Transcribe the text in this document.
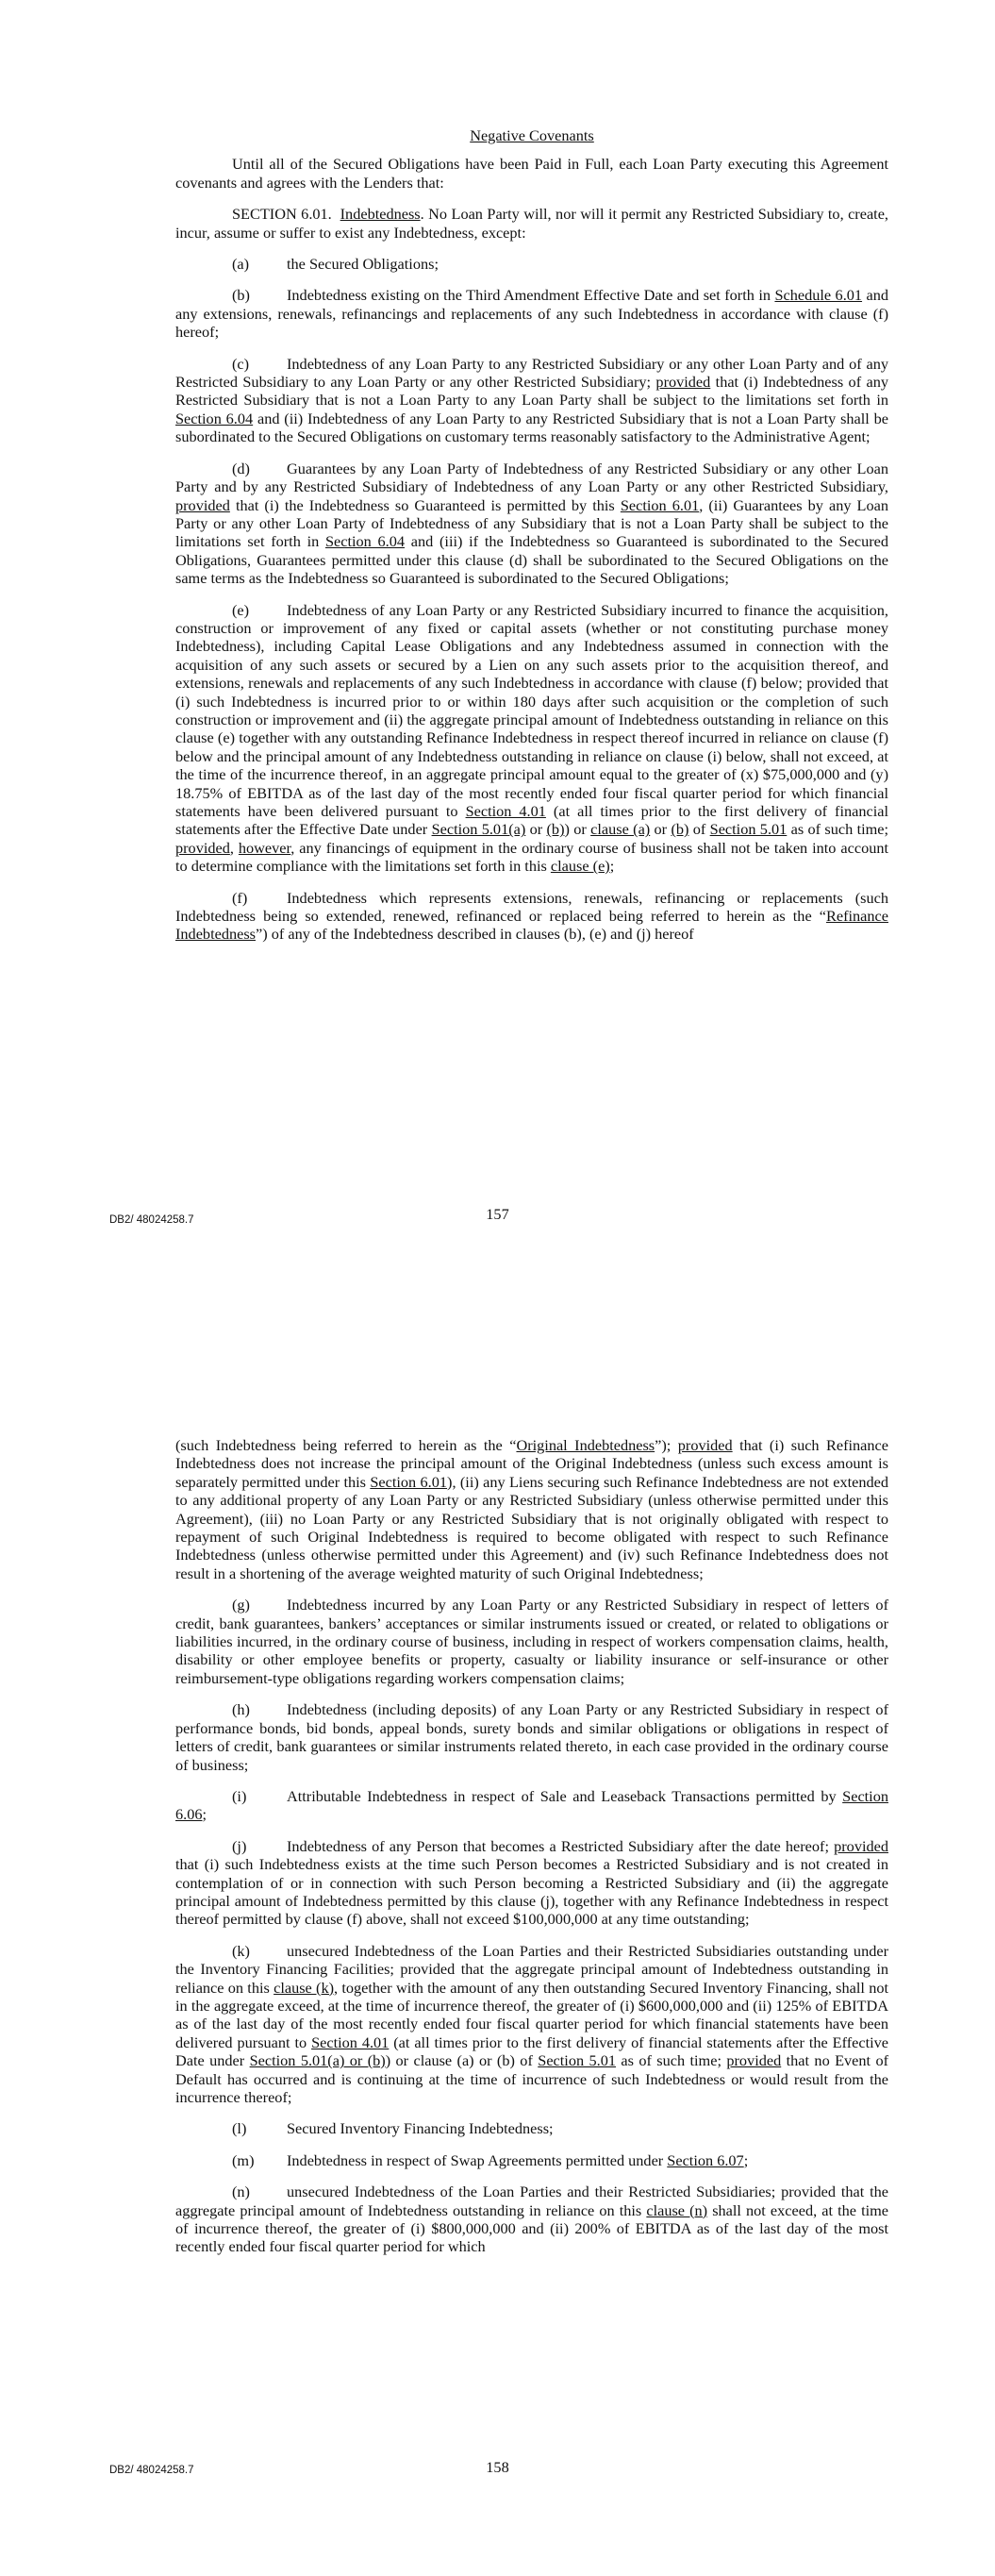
Negative Covenants

Until all of the Secured Obligations have been Paid in Full, each Loan Party executing this Agreement covenants and agrees with the Lenders that:

SECTION 6.01. Indebtedness. No Loan Party will, nor will it permit any Restricted Subsidiary to, create, incur, assume or suffer to exist any Indebtedness, except:

(a) the Secured Obligations;

(b) Indebtedness existing on the Third Amendment Effective Date and set forth in Schedule 6.01 and any extensions, renewals, refinancings and replacements of any such Indebtedness in accordance with clause (f) hereof;

(c) Indebtedness of any Loan Party to any Restricted Subsidiary or any other Loan Party and of any Restricted Subsidiary to any Loan Party or any other Restricted Subsidiary; provided that (i) Indebtedness of any Restricted Subsidiary that is not a Loan Party to any Loan Party shall be subject to the limitations set forth in Section 6.04 and (ii) Indebtedness of any Loan Party to any Restricted Subsidiary that is not a Loan Party shall be subordinated to the Secured Obligations on customary terms reasonably satisfactory to the Administrative Agent;

(d) Guarantees by any Loan Party of Indebtedness of any Restricted Subsidiary or any other Loan Party and by any Restricted Subsidiary of Indebtedness of any Loan Party or any other Restricted Subsidiary, provided that (i) the Indebtedness so Guaranteed is permitted by this Section 6.01, (ii) Guarantees by any Loan Party or any other Loan Party of Indebtedness of any Subsidiary that is not a Loan Party shall be subject to the limitations set forth in Section 6.04 and (iii) if the Indebtedness so Guaranteed is subordinated to the Secured Obligations, Guarantees permitted under this clause (d) shall be subordinated to the Secured Obligations on the same terms as the Indebtedness so Guaranteed is subordinated to the Secured Obligations;

(e) Indebtedness of any Loan Party or any Restricted Subsidiary incurred to finance the acquisition, construction or improvement of any fixed or capital assets (whether or not constituting purchase money Indebtedness), including Capital Lease Obligations and any Indebtedness assumed in connection with the acquisition of any such assets or secured by a Lien on any such assets prior to the acquisition thereof, and extensions, renewals and replacements of any such Indebtedness in accordance with clause (f) below; provided that (i) such Indebtedness is incurred prior to or within 180 days after such acquisition or the completion of such construction or improvement and (ii) the aggregate principal amount of Indebtedness outstanding in reliance on this clause (e) together with any outstanding Refinance Indebtedness in respect thereof incurred in reliance on clause (f) below and the principal amount of any Indebtedness outstanding in reliance on clause (i) below, shall not exceed, at the time of the incurrence thereof, in an aggregate principal amount equal to the greater of (x) $75,000,000 and (y) 18.75% of EBITDA as of the last day of the most recently ended four fiscal quarter period for which financial statements have been delivered pursuant to Section 4.01 (at all times prior to the first delivery of financial statements after the Effective Date under Section 5.01(a) or (b)) or clause (a) or (b) of Section 5.01 as of such time; provided, however, any financings of equipment in the ordinary course of business shall not be taken into account to determine compliance with the limitations set forth in this clause (e);

(f)	Indebtedness which represents extensions, renewals, refinancing or replacements (such Indebtedness being so extended, renewed, refinanced or replaced being referred to herein as the “Refinance Indebtedness”) of any of the Indebtedness described in clauses (b), (e) and (j) hereof

DB2/ 48024258.7	157

(such Indebtedness being referred to herein as the “Original Indebtedness”); provided that (i) such Refinance Indebtedness does not increase the principal amount of the Original Indebtedness (unless such excess amount is separately permitted under this Section 6.01), (ii) any Liens securing such Refinance Indebtedness are not extended to any additional property of any Loan Party or any Restricted Subsidiary (unless otherwise permitted under this Agreement), (iii) no Loan Party or any Restricted Subsidiary that is not originally obligated with respect to repayment of such Original Indebtedness is required to become obligated with respect to such Refinance Indebtedness (unless otherwise permitted under this Agreement) and (iv) such Refinance Indebtedness does not result in a shortening of the average weighted maturity of such Original Indebtedness;

(g) Indebtedness incurred by any Loan Party or any Restricted Subsidiary in respect of letters of credit, bank guarantees, bankers’ acceptances or similar instruments issued or created, or related to obligations or liabilities incurred, in the ordinary course of business, including in respect of workers compensation claims, health, disability or other employee benefits or property, casualty or liability insurance or self-insurance or other reimbursement-type obligations regarding workers compensation claims;

(h) Indebtedness (including deposits) of any Loan Party or any Restricted Subsidiary in respect of performance bonds, bid bonds, appeal bonds, surety bonds and similar obligations or obligations in respect of letters of credit, bank guarantees or similar instruments related thereto, in each case provided in the ordinary course of business;

(i)	Attributable Indebtedness in respect of Sale and Leaseback Transactions permitted by Section 6.06;

(j)	Indebtedness of any Person that becomes a Restricted Subsidiary after the date hereof; provided that (i) such Indebtedness exists at the time such Person becomes a Restricted Subsidiary and is not created in contemplation of or in connection with such Person becoming a Restricted Subsidiary and (ii) the aggregate principal amount of Indebtedness permitted by this clause (j), together with any Refinance Indebtedness in respect thereof permitted by clause (f) above, shall not exceed $100,000,000 at any time outstanding;

(k) unsecured Indebtedness of the Loan Parties and their Restricted Subsidiaries outstanding under the Inventory Financing Facilities; provided that the aggregate principal amount of Indebtedness outstanding in reliance on this clause (k), together with the amount of any then outstanding Secured Inventory Financing, shall not in the aggregate exceed, at the time of incurrence thereof, the greater of (i) $600,000,000 and (ii) 125% of EBITDA as of the last day of the most recently ended four fiscal quarter period for which financial statements have been delivered pursuant to Section 4.01 (at all times prior to the first delivery of financial statements after the Effective Date under Section 5.01(a) or (b)) or clause (a) or (b) of Section 5.01 as of such time; provided that no Event of Default has occurred and is continuing at the time of incurrence of such Indebtedness or would result from the incurrence thereof;

(l)	Secured Inventory Financing Indebtedness;

(m) Indebtedness in respect of Swap Agreements permitted under Section 6.07;

(n) unsecured Indebtedness of the Loan Parties and their Restricted Subsidiaries; provided that the aggregate principal amount of Indebtedness outstanding in reliance on this clause (n) shall not exceed, at the time of incurrence thereof, the greater of (i) $800,000,000 and (ii) 200% of EBITDA as of the last day of the most recently ended four fiscal quarter period for which

DB2/ 48024258.7	158
